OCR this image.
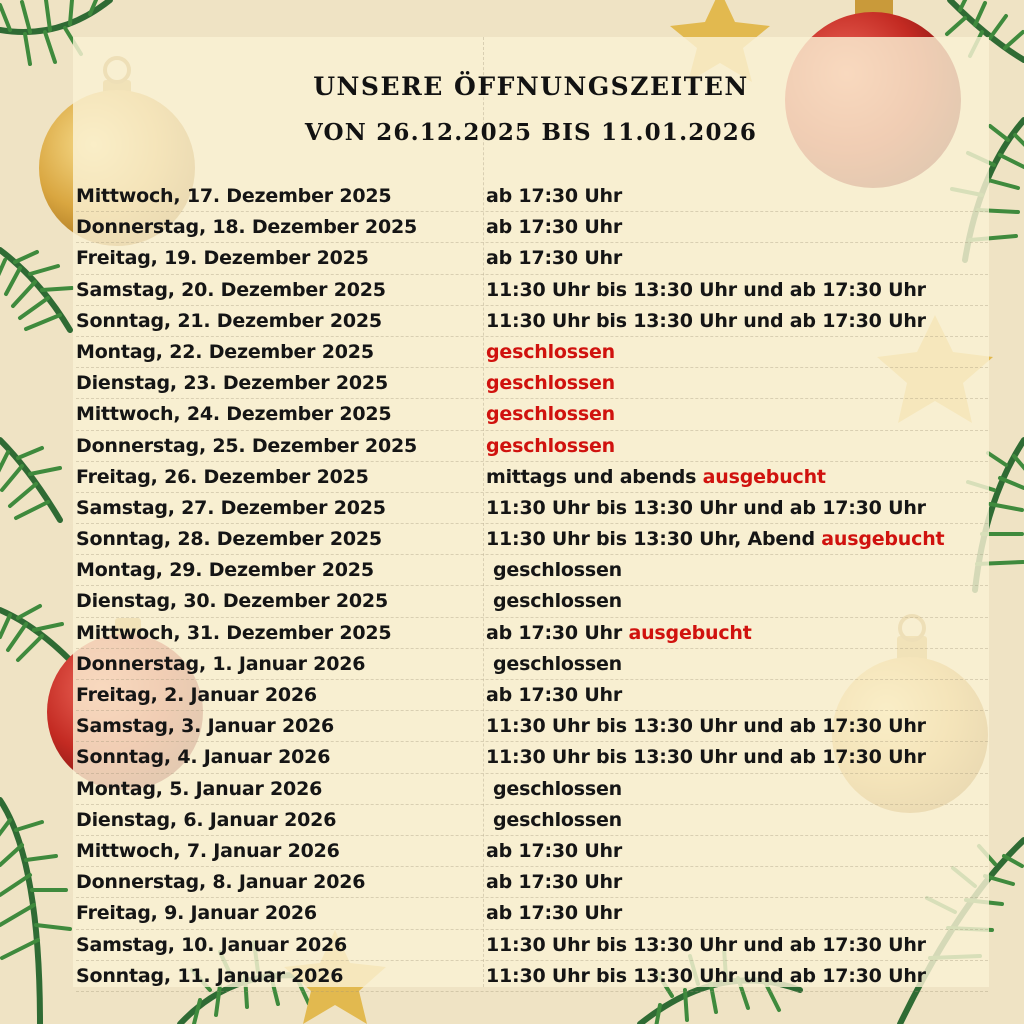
UNSERE ÖFFNUNGSZEITEN
VON 26.12.2025 BIS 11.01.2026
Mittwoch, 17. Dezember 2025	ab 17:30 Uhr
Donnerstag, 18. Dezember 2025	ab 17:30 Uhr
Freitag, 19. Dezember 2025	ab 17:30 Uhr
Samstag, 20. Dezember 2025	11:30 Uhr bis 13:30 Uhr und ab 17:30 Uhr
Sonntag, 21. Dezember 2025	11:30 Uhr bis 13:30 Uhr und ab 17:30 Uhr
Montag, 22. Dezember 2025	geschlossen
Dienstag, 23. Dezember 2025	geschlossen
Mittwoch, 24. Dezember 2025	geschlossen
Donnerstag, 25. Dezember 2025	geschlossen
Freitag, 26. Dezember 2025	mittags und abends ausgebucht
Samstag, 27. Dezember 2025	11:30 Uhr bis 13:30 Uhr und ab 17:30 Uhr
Sonntag, 28. Dezember 2025	11:30 Uhr bis 13:30 Uhr, Abend ausgebucht
Montag, 29. Dezember 2025	geschlossen
Dienstag, 30. Dezember 2025	geschlossen
Mittwoch, 31. Dezember 2025	ab 17:30 Uhr ausgebucht
Donnerstag, 1. Januar 2026	geschlossen
Freitag, 2. Januar 2026	ab 17:30 Uhr
Samstag, 3. Januar 2026	11:30 Uhr bis 13:30 Uhr und ab 17:30 Uhr
Sonntag, 4. Januar 2026	11:30 Uhr bis 13:30 Uhr und ab 17:30 Uhr
Montag, 5. Januar 2026	geschlossen
Dienstag, 6. Januar 2026	geschlossen
Mittwoch, 7. Januar 2026	ab 17:30 Uhr
Donnerstag, 8. Januar 2026	ab 17:30 Uhr
Freitag, 9. Januar 2026	ab 17:30 Uhr
Samstag, 10. Januar 2026	11:30 Uhr bis 13:30 Uhr und ab 17:30 Uhr
Sonntag, 11. Januar 2026	11:30 Uhr bis 13:30 Uhr und ab 17:30 Uhr
